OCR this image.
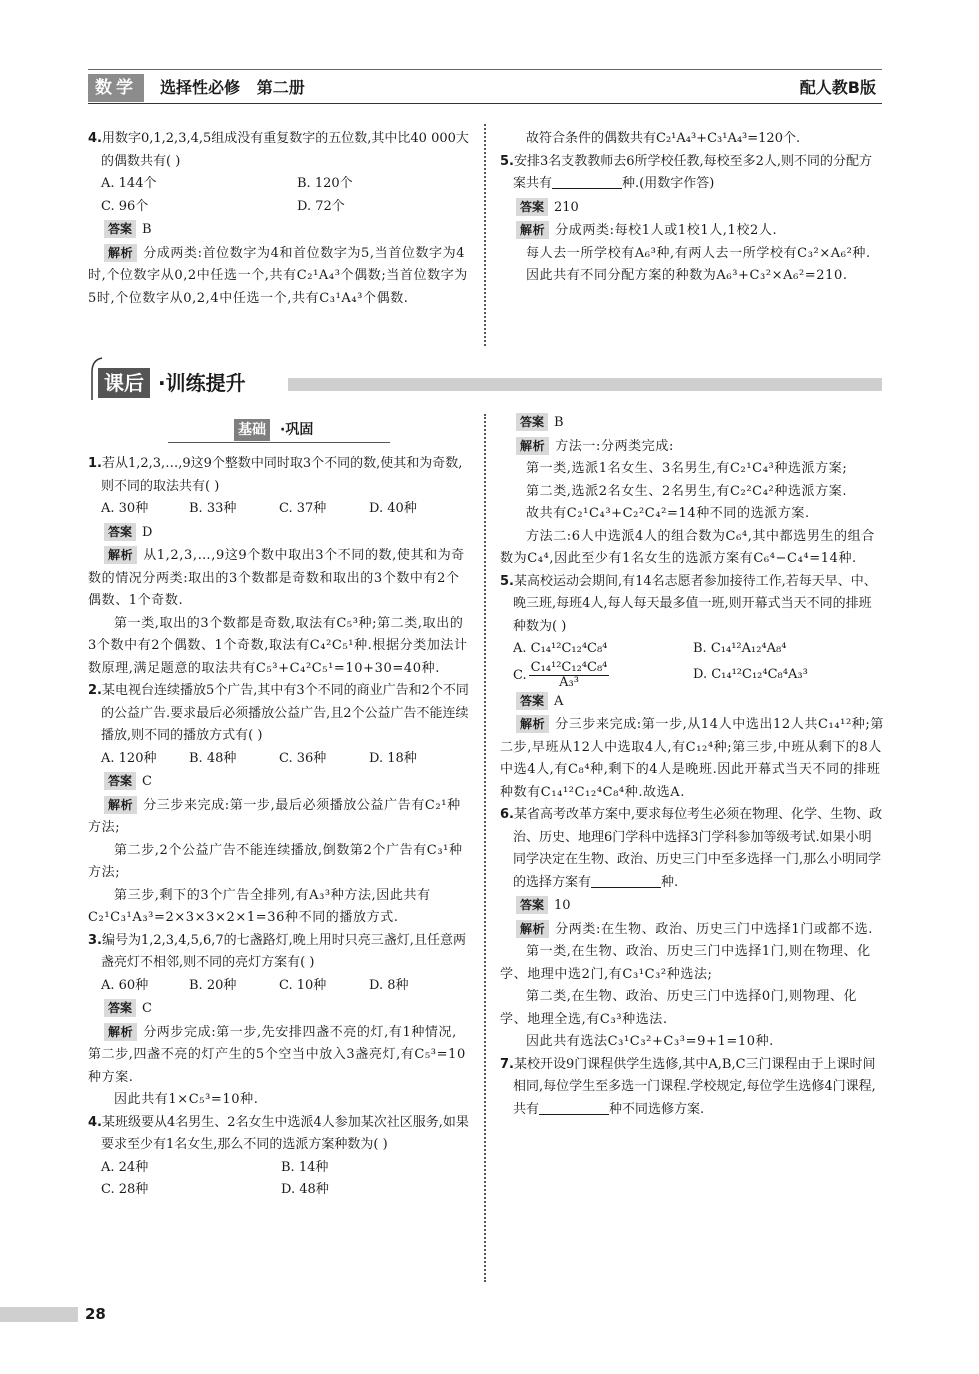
数学	选择性必修   第二册	配人教B版

4.用数字0,1,2,3,4,5组成没有重复数字的五位数,其中比40 000大的偶数共有( )

A. 144个	B. 120个
C. 96个	D. 72个

答案 B

解析 分成两类:首位数字为4和首位数字为5,当首位数字为4时,个位数字从0,2中任选一个,共有C₂¹A₄³个偶数;当首位数字为5时,个位数字从0,2,4中任选一个,共有C₃¹A₄³个偶数.

故符合条件的偶数共有C₂¹A₄³+C₃¹A₄³=120个.

5.安排3名支教教师去6所学校任教,每校至多2人,则不同的分配方案共有	种.(用数字作答)

答案 210

解析 分成两类:每校1人或1校1人,1校2人.

每人去一所学校有A₆³种,有两人去一所学校有C₃²×A₆²种.

因此共有不同分配方案的种数为A₆³+C₃²×A₆²=210.

课后 ·训练提升
基础 ·巩固

1.若从1,2,3,…,9这9个整数中同时取3个不同的数,使其和为奇数,则不同的取法共有( )

A. 30种	B. 33种	C. 37种	D. 40种

答案 D

解析 从1,2,3,…,9这9个数中取出3个不同的数,使其和为奇数的情况分两类:取出的3个数都是奇数和取出的3个数中有2个偶数、1个奇数.

第一类,取出的3个数都是奇数,取法有C₅³种;第二类,取出的3个数中有2个偶数、1个奇数,取法有C₄²C₅¹种.根据分类加法计数原理,满足题意的取法共有C₅³+C₄²C₅¹=10+30=40种.

2.某电视台连续播放5个广告,其中有3个不同的商业广告和2个不同的公益广告.要求最后必须播放公益广告,且2个公益广告不能连续播放,则不同的播放方式有( )

A. 120种	B. 48种	C. 36种	D. 18种

答案 C

解析 分三步来完成:第一步,最后必须播放公益广告有C₂¹种方法;

第二步,2个公益广告不能连续播放,倒数第2个广告有C₃¹种方法;

第三步,剩下的3个广告全排列,有A₃³种方法,因此共有C₂¹C₃¹A₃³=2×3×3×2×1=36种不同的播放方式.

3.编号为1,2,3,4,5,6,7的七盏路灯,晚上用时只亮三盏灯,且任意两盏亮灯不相邻,则不同的亮灯方案有( )

A. 60种	B. 20种	C. 10种	D. 8种

答案 C

解析 分两步完成:第一步,先安排四盏不亮的灯,有1种情况,第二步,四盏不亮的灯产生的5个空当中放入3盏亮灯,有C₅³=10种方案.

因此共有1×C₅³=10种.

4.某班级要从4名男生、2名女生中选派4人参加某次社区服务,如果要求至少有1名女生,那么不同的选派方案种数为( )

A. 24种	B. 14种
C. 28种	D. 48种

答案 B

解析 方法一:分两类完成:

第一类,选派1名女生、3名男生,有C₂¹C₄³种选派方案;

第二类,选派2名女生、2名男生,有C₂²C₄²种选派方案.

故共有C₂¹C₄³+C₂²C₄²=14种不同的选派方案.

方法二:6人中选派4人的组合数为C₆⁴,其中都选男生的组合数为C₄⁴,因此至少有1名女生的选派方案有C₆⁴−C₄⁴=14种.

5.某高校运动会期间,有14名志愿者参加接待工作,若每天早、中、晚三班,每班4人,每人每天最多值一班,则开幕式当天不同的排班种数为( )

A. C₁₄¹²C₁₂⁴C₈⁴	B. C₁₄¹²A₁₂⁴A₈⁴
C. $\frac{\text{C₁₄¹²C₁₂⁴C₈⁴}}{\text{A₃³}}$	D. C₁₄¹²C₁₂⁴C₈⁴A₃³

答案 A

解析 分三步来完成:第一步,从14人中选出12人共C₁₄¹²种;第二步,早班从12人中选取4人,有C₁₂⁴种;第三步,中班从剩下的8人中选4人,有C₈⁴种,剩下的4人是晚班.因此开幕式当天不同的排班种数有C₁₄¹²C₁₂⁴C₈⁴种.故选A.

6.某省高考改革方案中,要求每位考生必须在物理、化学、生物、政治、历史、地理6门学科中选择3门学科参加等级考试.如果小明同学决定在生物、政治、历史三门中至多选择一门,那么小明同学的选择方案有	种.

答案 10

解析 分两类:在生物、政治、历史三门中选择1门或都不选.

第一类,在生物、政治、历史三门中选择1门,则在物理、化学、地理中选2门,有C₃¹C₃²种选法;

第二类,在生物、政治、历史三门中选择0门,则物理、化学、地理全选,有C₃³种选法.

因此共有选法C₃¹C₃²+C₃³=9+1=10种.

7.某校开设9门课程供学生选修,其中A,B,C三门课程由于上课时间相同,每位学生至多选一门课程.学校规定,每位学生选修4门课程,共有	种不同选修方案.

28
